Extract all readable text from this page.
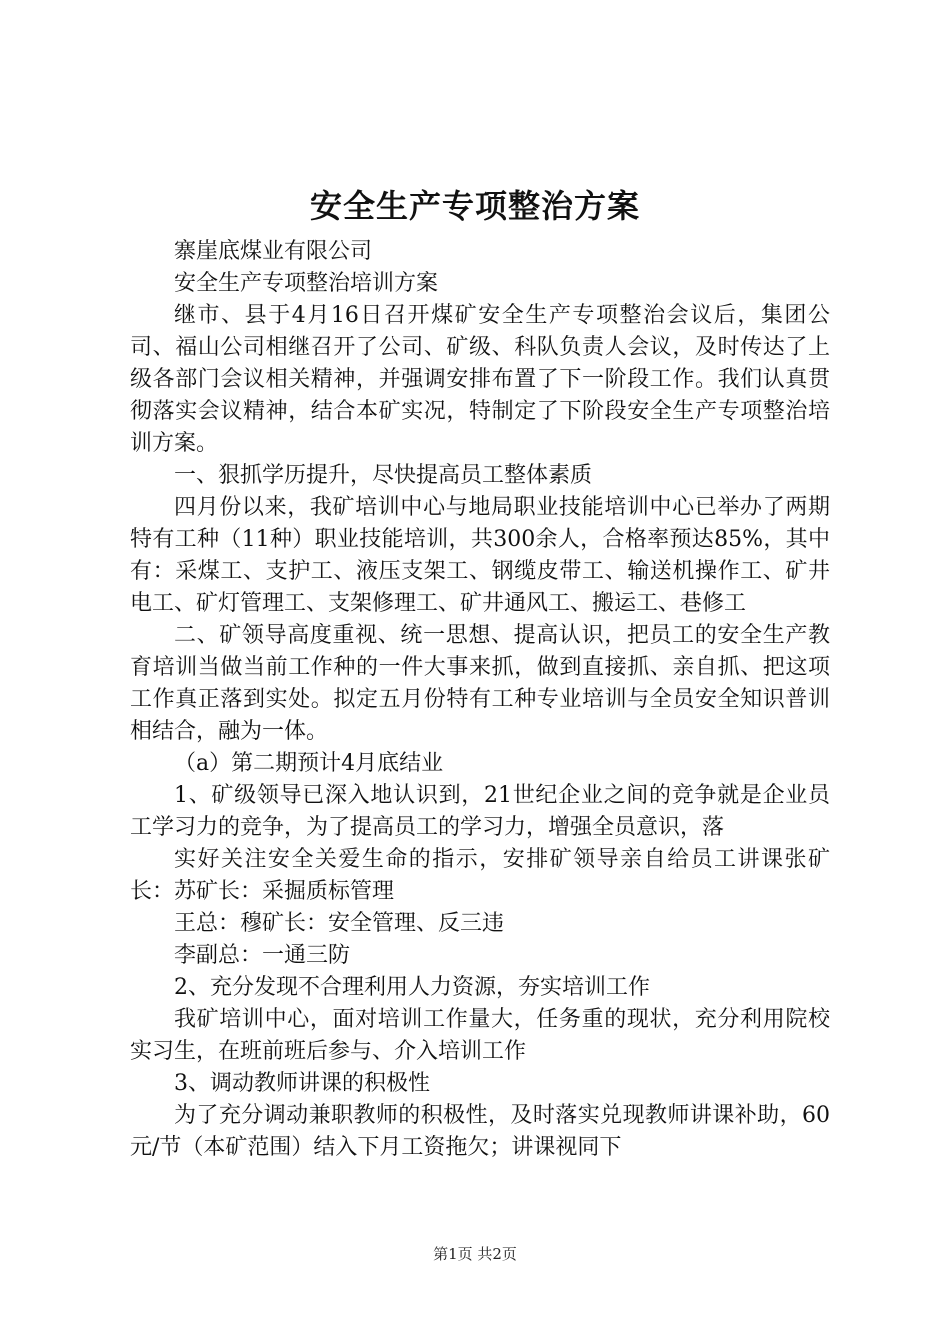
安全生产专项整治方案

寨崖底煤业有限公司

安全生产专项整治培训方案

继市、县于4月16日召开煤矿安全生产专项整治会议后，集团公司、福山公司相继召开了公司、矿级、科队负责人会议，及时传达了上级各部门会议相关精神，并强调安排布置了下一阶段工作。我们认真贯彻落实会议精神，结合本矿实况，特制定了下阶段安全生产专项整治培训方案。

一、狠抓学历提升，尽快提高员工整体素质

四月份以来，我矿培训中心与地局职业技能培训中心已举办了两期特有工种（11种）职业技能培训，共300余人，合格率预达85%，其中有：采煤工、支护工、液压支架工、钢缆皮带工、输送机操作工、矿井电工、矿灯管理工、支架修理工、矿井通风工、搬运工、巷修工

二、矿领导高度重视、统一思想、提高认识，把员工的安全生产教育培训当做当前工作种的一件大事来抓，做到直接抓、亲自抓、把这项工作真正落到实处。拟定五月份特有工种专业培训与全员安全知识普训相结合，融为一体。

（a）第二期预计4月底结业

1、矿级领导已深入地认识到，21世纪企业之间的竞争就是企业员工学习力的竞争，为了提高员工的学习力，增强全员意识，落

实好关注安全关爱生命的指示，安排矿领导亲自给员工讲课张矿长：苏矿长：采掘质标管理

王总：穆矿长：安全管理、反三违

李副总：一通三防

2、充分发现不合理利用人力资源，夯实培训工作

我矿培训中心，面对培训工作量大，任务重的现状，充分利用院校实习生，在班前班后参与、介入培训工作

3、调动教师讲课的积极性

为了充分调动兼职教师的积极性，及时落实兑现教师讲课补助，60元/节（本矿范围）结入下月工资拖欠；讲课视同下

第1页 共2页
